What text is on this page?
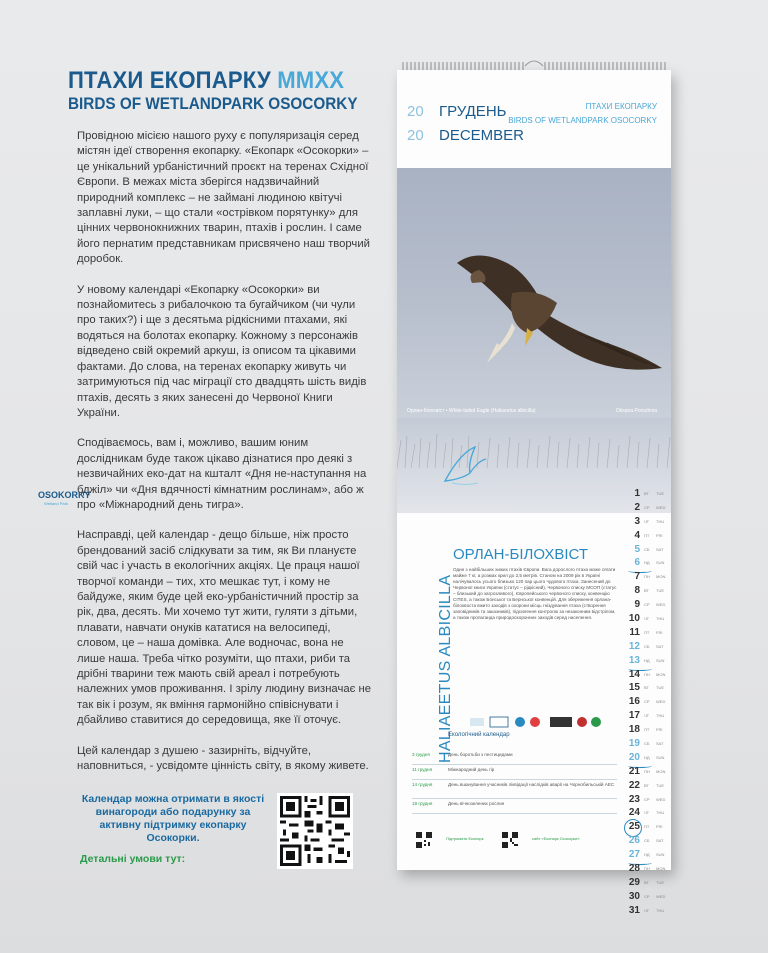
ПТАХИ ЕКОПАРКУ MMXX
BIRDS OF WETLANDPARK OSOCORKY

Провідною місією нашого руху є популяризація серед містян ідеї створення екопарку. «Екопарк «Осокорки» – це унікальний урбаністичний проєкт на теренах Східної Європи. В межах міста зберігся надзвичайний природний комплекс – не займані людиною квітучі заплавні луки, – що стали «острівком порятунку» для цінних червонокнижних тварин, птахів і рослин. І саме його пернатим представникам присвячено наш творчий доробок.

У новому календарі «Екопарку «Осокорки» ви познайомитесь з рибалочкою та бугайчиком (чи чули про таких?) і ще з десятьма рідкісними птахами, які водяться на болотах екопарку. Кожному з персонажів відведено свій окремий аркуш, із описом та цікавими фактами. До слова, на теренах екопарку живуть чи затримуються під час міграції сто двадцять шість видів птахів, десять з яких занесені до Червоної Книги України.

Сподіваємось, вам і, можливо, вашим юним дослідникам буде також цікаво дізнатися про деякі з незвичайних еко-дат на кшталт «Дня не-наступання на бджіл» чи «Дня вдячності кімнатним рослинам», або ж про «Міжнародний день тигра».

Насправді, цей календар - дещо більше, ніж просто брендований засіб слідкувати за тим, як Ви плануєте свій час і участь в екологічних акціях. Це праця нашої творчої команди – тих, хто мешкає тут, і кому не байдуже, яким буде цей еко-урбаністичний простір за рік, два, десять. Ми хочемо тут жити, гуляти з дітьми, плавати, навчати онуків кататися на велосипеді, словом, це – наша домівка. Але водночас, вона не лише наша. Треба чітко розуміти, що птахи, риби та дрібні тварини теж мають свій ареал і потребують належних умов проживання. І зрілу людину визначає не так вік і розум, як вміння гармонійно співіснувати і дбайливо ставитися до середовища, яке її оточує.

Цей календар з душею - зазирніть, відчуйте, наповниться, - усвідомте цінність світу, в якому живете.

Календар можна отримати в якості винагороди або подарунку за активну підтримку екопарку Осокорки.
Детальні умови тут:
20
20
ГРУДЕНЬ
DECEMBER
ПТАХИ ЕКОПАРКУ
BIRDS OF WETLANDPARK OSOCORKY
Орлан-білохвіст • White-tailed Eagle (Haliaeetus albicilla)	Oksana Porozhnia
OSOKORKY
Wetland Park
HALIAEETUS ALBICILLA
ОРЛАН-БІЛОХВІСТ
Один з найбільших хижих птахів Європи. Вага дорослого птаха може сягати майже 7 кг, а розмах крил до 2,5 метрів. Станом на 2009 рік в Україні налічувалось усього близько 120 пар цього чудового птаха. Занесений до Червоної книги України (статус – рідкісний), Червоного списку МСОП (статус – близький до загрозливого), Європейського червоного списку, конвенцію CITES, а також Бонської та Бернської конвенцій. Для збереження орлана-білохвоста вжито заходів з охорони місць гніздування птаха (створення заповідників та заказників), підсилення контролю за незаконним відстрілом, а також пропаганда природоохоронних заходів серед населення.
Екологічний календар
3 грудня	День боротьби з пестицидами
11 грудня	Міжнародний день гір
14 грудня	День вшанування учасників ліквідації наслідків аварії на Чорнобильській АЕС
19 грудня	День вічнозелених рослин
Підтримати Екопарк	сайт «Екопарк Осокорки»
1 ВТ TUE
2 СР WED
3 ЧТ THU
4 ПТ FRI
5 СБ SAT
6 НД SUN
7 ПН MON
8 ВТ TUE
9 СР WED
10 ЧТ THU
11 ПТ FRI
12 СБ SAT
13 НД SUN
14 ПН MON
15 ВТ TUE
16 СР WED
17 ЧТ THU
18 ПТ FRI
19 СБ SAT
20 НД SUN
21 ПН MON
22 ВТ TUE
23 СР WED
24 ЧТ THU
25 ПТ FRI
26 СБ SAT
27 НД SUN
28 ПН MON
29 ВТ TUE
30 СР WED
31 ЧТ THU
